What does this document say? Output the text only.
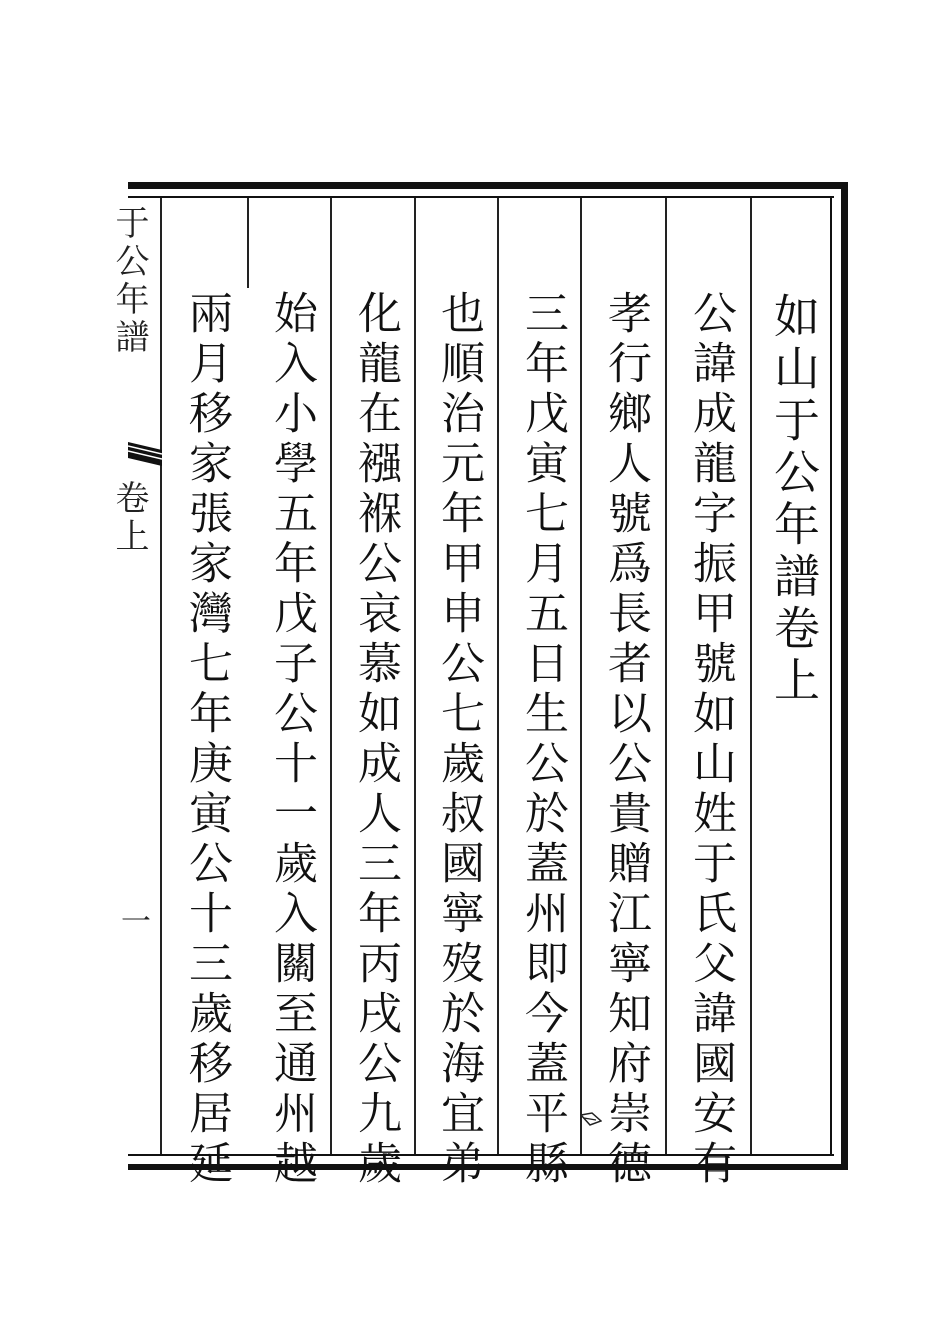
如山于公年譜卷上
公諱成龍字振甲號如山姓于氏父諱國安有
孝行鄉人號爲長者以公貴贈江寧知府崇德
三年戊寅七月五日生公於蓋州即今蓋平縣
也順治元年甲申公七歲叔國寧歿於海宜弟
化龍在襁褓公哀慕如成人三年丙戌公九歲
始入小學五年戊子公十一歲入關至通州越
兩月移家張家灣七年庚寅公十三歲移居延
于公年譜
卷上
一
